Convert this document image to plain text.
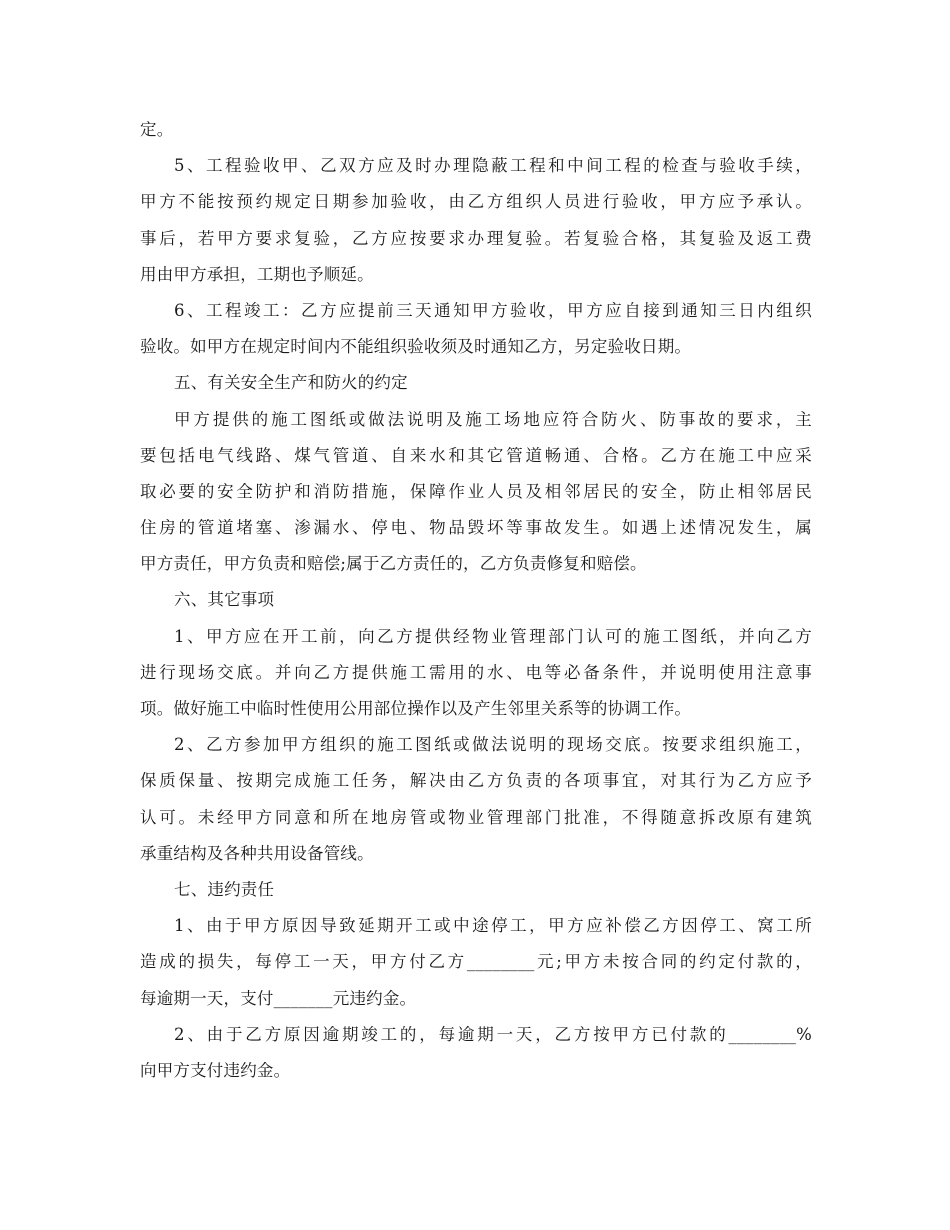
定。
5、工程验收甲、乙双方应及时办理隐蔽工程和中间工程的检查与验收手续，
甲方不能按预约规定日期参加验收，由乙方组织人员进行验收，甲方应予承认。
事后，若甲方要求复验，乙方应按要求办理复验。若复验合格，其复验及返工费
用由甲方承担，工期也予顺延。
6、工程竣工：乙方应提前三天通知甲方验收，甲方应自接到通知三日内组织
验收。如甲方在规定时间内不能组织验收须及时通知乙方，另定验收日期。
五、有关安全生产和防火的约定
甲方提供的施工图纸或做法说明及施工场地应符合防火、防事故的要求，主
要包括电气线路、煤气管道、自来水和其它管道畅通、合格。乙方在施工中应采
取必要的安全防护和消防措施，保障作业人员及相邻居民的安全，防止相邻居民
住房的管道堵塞、渗漏水、停电、物品毁坏等事故发生。如遇上述情况发生，属
甲方责任，甲方负责和赔偿;属于乙方责任的，乙方负责修复和赔偿。
六、其它事项
1、甲方应在开工前，向乙方提供经物业管理部门认可的施工图纸，并向乙方
进行现场交底。并向乙方提供施工需用的水、电等必备条件，并说明使用注意事
项。做好施工中临时性使用公用部位操作以及产生邻里关系等的协调工作。
2、乙方参加甲方组织的施工图纸或做法说明的现场交底。按要求组织施工，
保质保量、按期完成施工任务，解决由乙方负责的各项事宜，对其行为乙方应予
认可。未经甲方同意和所在地房管或物业管理部门批准，不得随意拆改原有建筑
承重结构及各种共用设备管线。
七、违约责任
1、由于甲方原因导致延期开工或中途停工，甲方应补偿乙方因停工、窝工所
造成的损失，每停工一天，甲方付乙方________元;甲方未按合同的约定付款的，
每逾期一天，支付_______元违约金。
2、由于乙方原因逾期竣工的，每逾期一天，乙方按甲方已付款的________%
向甲方支付违约金。
